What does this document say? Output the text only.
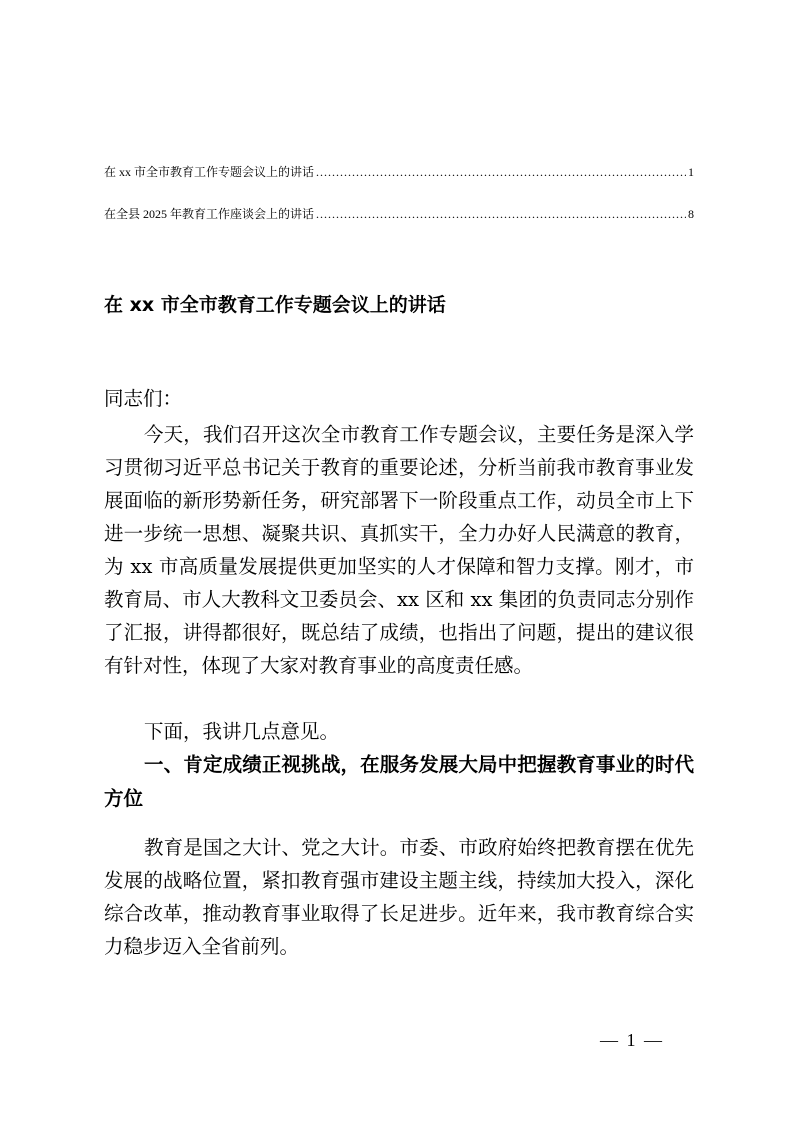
在 xx 市全市教育工作专题会议上的讲话 .....	1
在全县 2025 年教育工作座谈会上的讲话 .....	8
在 xx 市全市教育工作专题会议上的讲话
同志们：
今天，我们召开这次全市教育工作专题会议，主要任务是深入学习贯彻习近平总书记关于教育的重要论述，分析当前我市教育事业发展面临的新形势新任务，研究部署下一阶段重点工作，动员全市上下进一步统一思想、凝聚共识、真抓实干，全力办好人民满意的教育，为 xx 市高质量发展提供更加坚实的人才保障和智力支撑。刚才，市教育局、市人大教科文卫委员会、xx 区和 xx 集团的负责同志分别作了汇报，讲得都很好，既总结了成绩，也指出了问题，提出的建议很有针对性，体现了大家对教育事业的高度责任感。
下面，我讲几点意见。
一、肯定成绩正视挑战，在服务发展大局中把握教育事业的时代方位
教育是国之大计、党之大计。市委、市政府始终把教育摆在优先发展的战略位置，紧扣教育强市建设主题主线，持续加大投入，深化综合改革，推动教育事业取得了长足进步。近年来，我市教育综合实力稳步迈入全省前列。
— 1 —
